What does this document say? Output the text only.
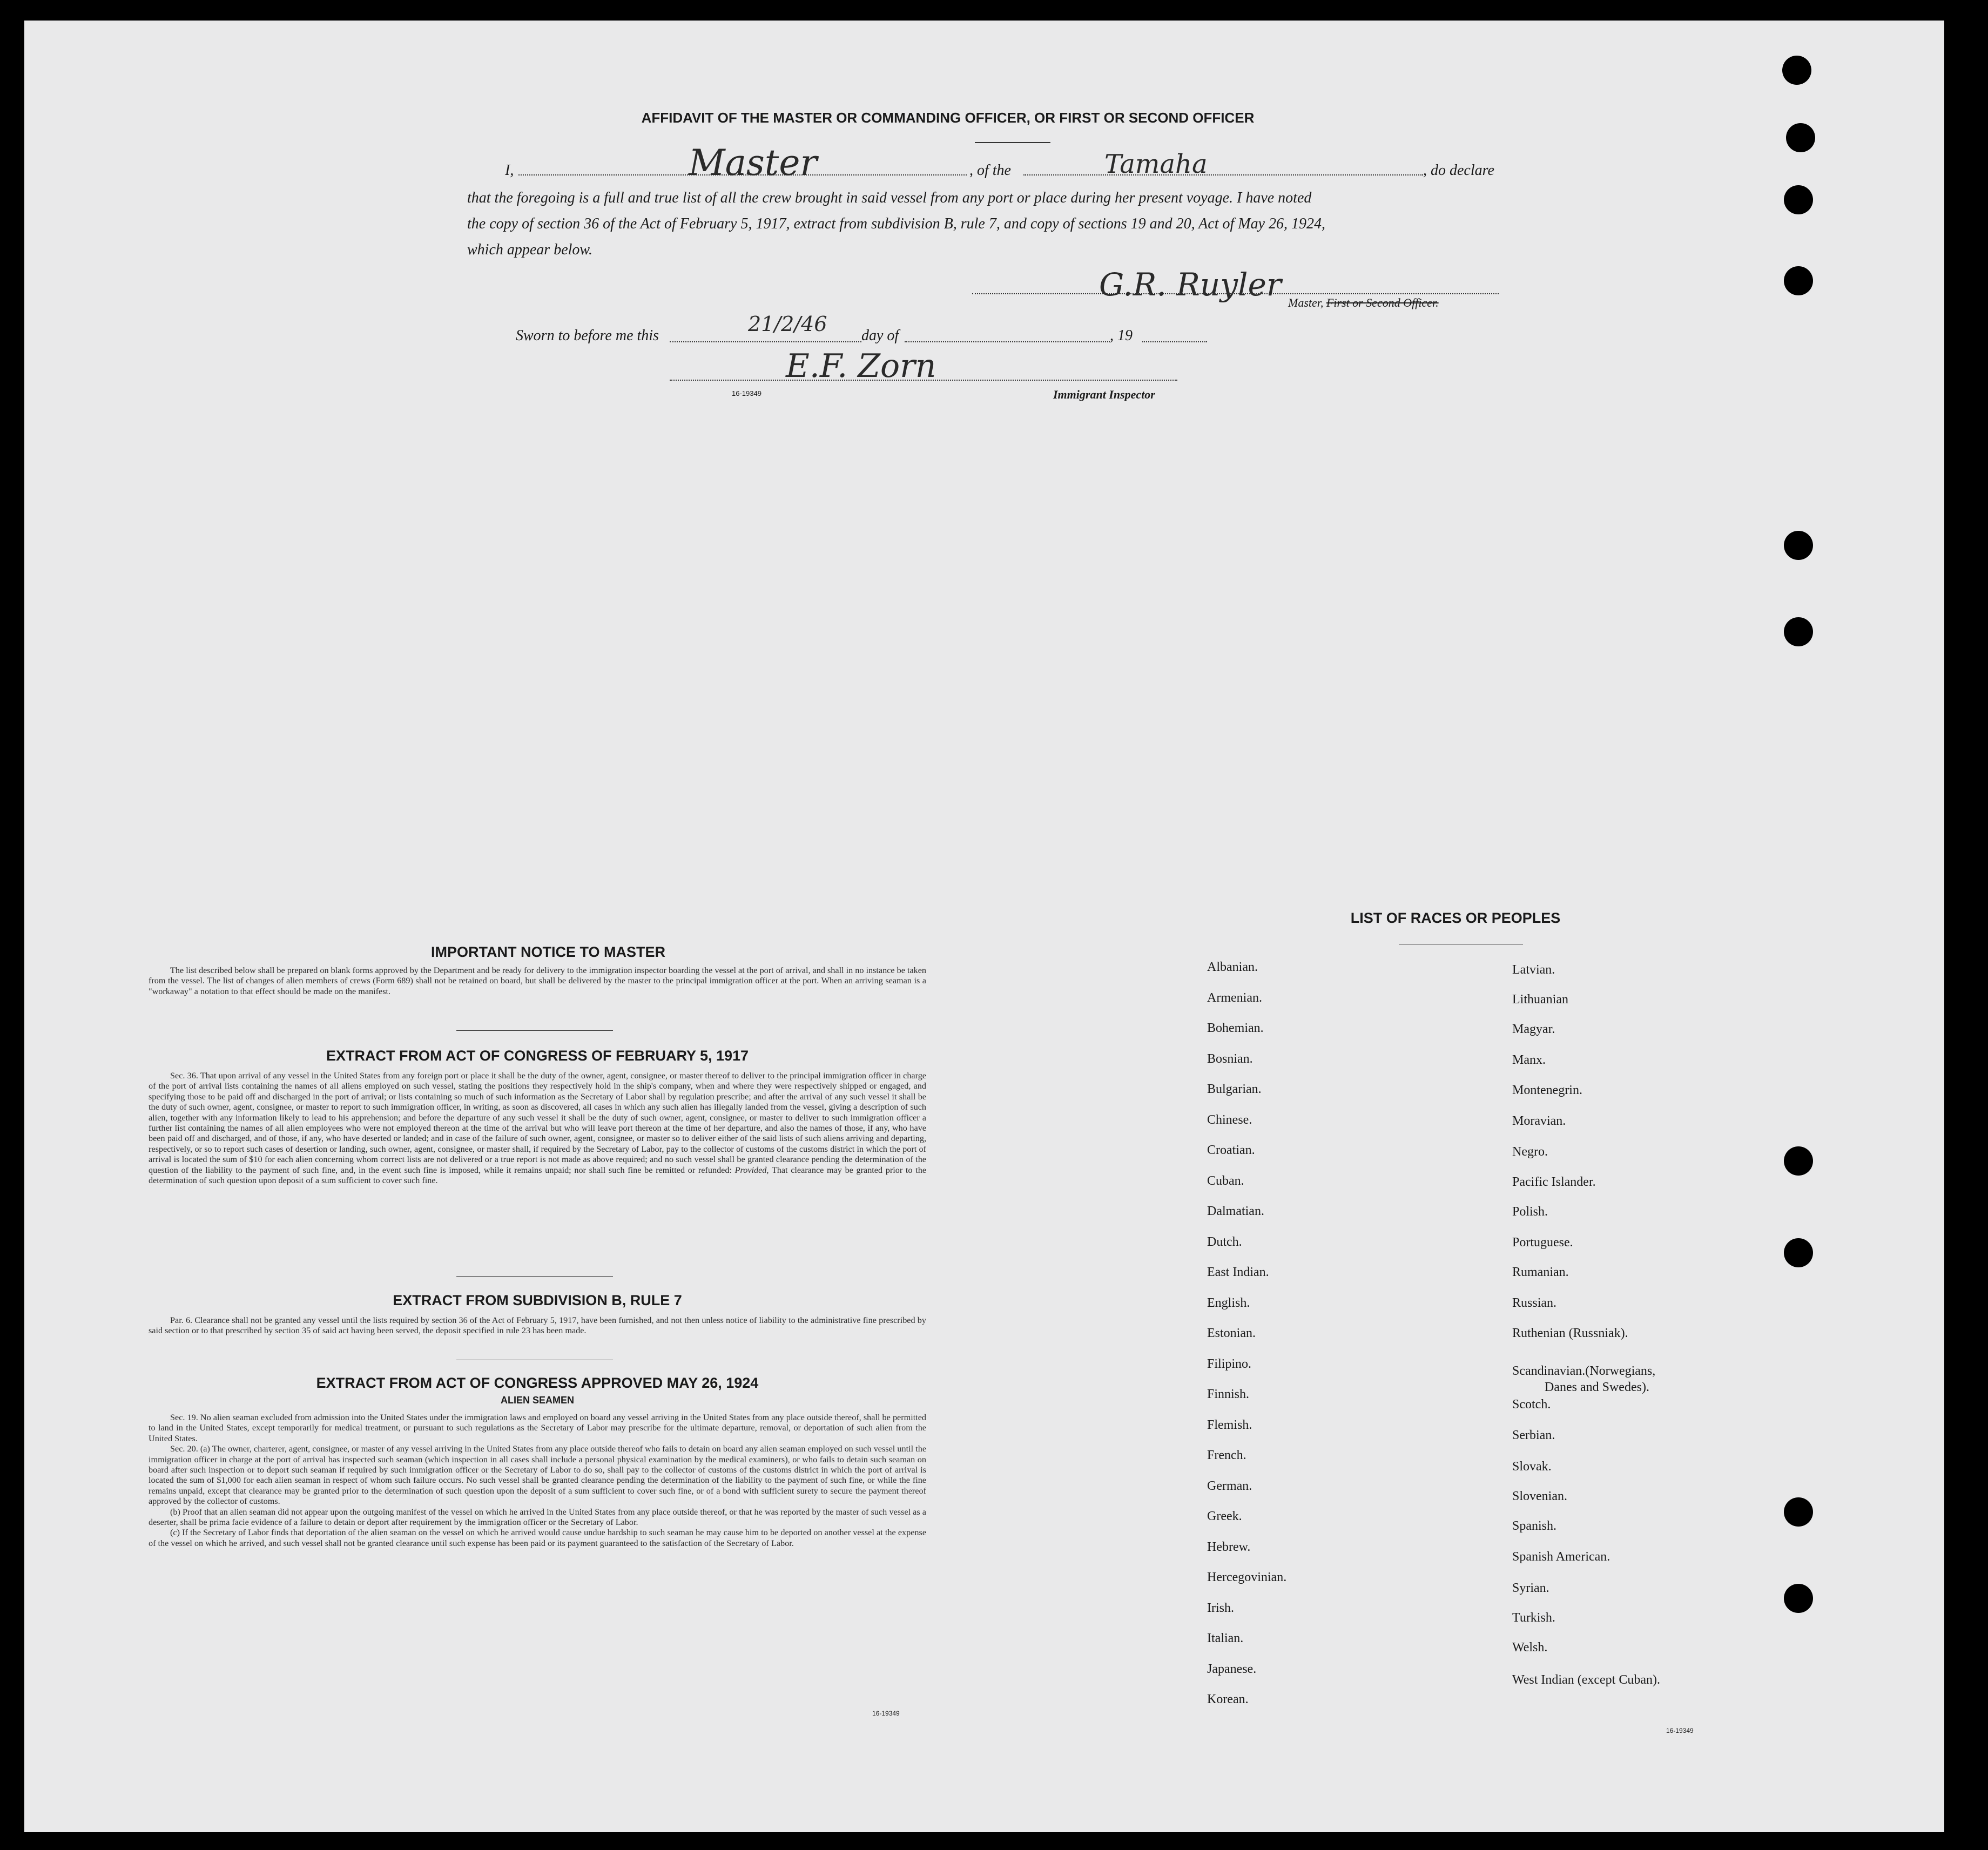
AFFIDAVIT OF THE MASTER OR COMMANDING OFFICER, OR FIRST OR SECOND OFFICER
I,	Master	, of the	Tamaha	, do declare
that the foregoing is a full and true list of all the crew brought in said vessel from any port or place during her present voyage. I have noted
the copy of section 36 of the Act of February 5, 1917, extract from subdivision B, rule 7, and copy of sections 19 and 20, Act of May 26, 1924,
which appear below.
G.R. Ruyler Master, First or Second Officer.
Sworn to before me this	21/2/46 day of	, 19
E.F. Zorn
16-19349	Immigrant Inspector
IMPORTANT NOTICE TO MASTER

The list described below shall be prepared on blank forms approved by the Department and be ready for delivery to the immigration inspector boarding the vessel at the port of arrival, and shall in no instance be taken from the vessel. The list of changes of alien members of crews (Form 689) shall not be retained on board, but shall be delivered by the master to the principal immigration officer at the port. When an arriving seaman is a "workaway" a notation to that effect should be made on the manifest.

EXTRACT FROM ACT OF CONGRESS OF FEBRUARY 5, 1917

Sec. 36. That upon arrival of any vessel in the United States from any foreign port or place it shall be the duty of the owner, agent, consignee, or master thereof to deliver to the principal immigration officer in charge of the port of arrival lists containing the names of all aliens employed on such vessel, stating the positions they respectively hold in the ship's company, when and where they were respectively shipped or engaged, and specifying those to be paid off and discharged in the port of arrival; or lists containing so much of such information as the Secretary of Labor shall by regulation prescribe; and after the arrival of any such vessel it shall be the duty of such owner, agent, consignee, or master to report to such immigration officer, in writing, as soon as discovered, all cases in which any such alien has illegally landed from the vessel, giving a description of such alien, together with any information likely to lead to his apprehension; and before the departure of any such vessel it shall be the duty of such owner, agent, consignee, or master to deliver to such immigration officer a further list containing the names of all alien employees who were not employed thereon at the time of the arrival but who will leave port thereon at the time of her departure, and also the names of those, if any, who have been paid off and discharged, and of those, if any, who have deserted or landed; and in case of the failure of such owner, agent, consignee, or master so to deliver either of the said lists of such aliens arriving and departing, respectively, or so to report such cases of desertion or landing, such owner, agent, consignee, or master shall, if required by the Secretary of Labor, pay to the collector of customs of the customs district in which the port of arrival is located the sum of $10 for each alien concerning whom correct lists are not delivered or a true report is not made as above required; and no such vessel shall be granted clearance pending the determination of the question of the liability to the payment of such fine, and, in the event such fine is imposed, while it remains unpaid; nor shall such fine be remitted or refunded: Provided, That clearance may be granted prior to the determination of such question upon deposit of a sum sufficient to cover such fine.

EXTRACT FROM SUBDIVISION B, RULE 7

Par. 6. Clearance shall not be granted any vessel until the lists required by section 36 of the Act of February 5, 1917, have been furnished, and not then unless notice of liability to the administrative fine prescribed by said section or to that prescribed by section 35 of said act having been served, the deposit specified in rule 23 has been made.

EXTRACT FROM ACT OF CONGRESS APPROVED MAY 26, 1924
ALIEN SEAMEN

Sec. 19. No alien seaman excluded from admission into the United States under the immigration laws and employed on board any vessel arriving in the United States from any place outside thereof, shall be permitted to land in the United States, except temporarily for medical treatment, or pursuant to such regulations as the Secretary of Labor may prescribe for the ultimate departure, removal, or deportation of such alien from the United States.

Sec. 20. (a) The owner, charterer, agent, consignee, or master of any vessel arriving in the United States from any place outside thereof who fails to detain on board any alien seaman employed on such vessel until the immigration officer in charge at the port of arrival has inspected such seaman (which inspection in all cases shall include a personal physical examination by the medical examiners), or who fails to detain such seaman on board after such inspection or to deport such seaman if required by such immigration officer or the Secretary of Labor to do so, shall pay to the collector of customs of the customs district in which the port of arrival is located the sum of $1,000 for each alien seaman in respect of whom such failure occurs. No such vessel shall be granted clearance pending the determination of the liability to the payment of such fine, or while the fine remains unpaid, except that clearance may be granted prior to the determination of such question upon the deposit of a sum sufficient to cover such fine, or of a bond with sufficient surety to secure the payment thereof approved by the collector of customs.

(b) Proof that an alien seaman did not appear upon the outgoing manifest of the vessel on which he arrived in the United States from any place outside thereof, or that he was reported by the master of such vessel as a deserter, shall be prima facie evidence of a failure to detain or deport after requirement by the immigration officer or the Secretary of Labor.

(c) If the Secretary of Labor finds that deportation of the alien seaman on the vessel on which he arrived would cause undue hardship to such seaman he may cause him to be deported on another vessel at the expense of the vessel on which he arrived, and such vessel shall not be granted clearance until such expense has been paid or its payment guaranteed to the satisfaction of the Secretary of Labor.

16-19349
LIST OF RACES OR PEOPLES
Danes and Swedes).
16-19349
Albanian.
Armenian.
Bohemian.
Bosnian.
Bulgarian.
Chinese.
Croatian.
Cuban.
Dalmatian.
Dutch.
East Indian.
English.
Estonian.
Filipino.
Finnish.
Flemish.
French.
German.
Greek.
Hebrew.
Hercegovinian.
Irish.
Italian.
Japanese.
Korean.
Latvian.
Lithuanian
Magyar.
Manx.
Montenegrin.
Moravian.
Negro.
Pacific Islander.
Polish.
Portuguese.
Rumanian.
Russian.
Ruthenian (Russniak).
Scandinavian.(Norwegians,
Scotch.
Serbian.
Slovak.
Slovenian.
Spanish.
Spanish American.
Syrian.
Turkish.
Welsh.
West Indian (except Cuban).
